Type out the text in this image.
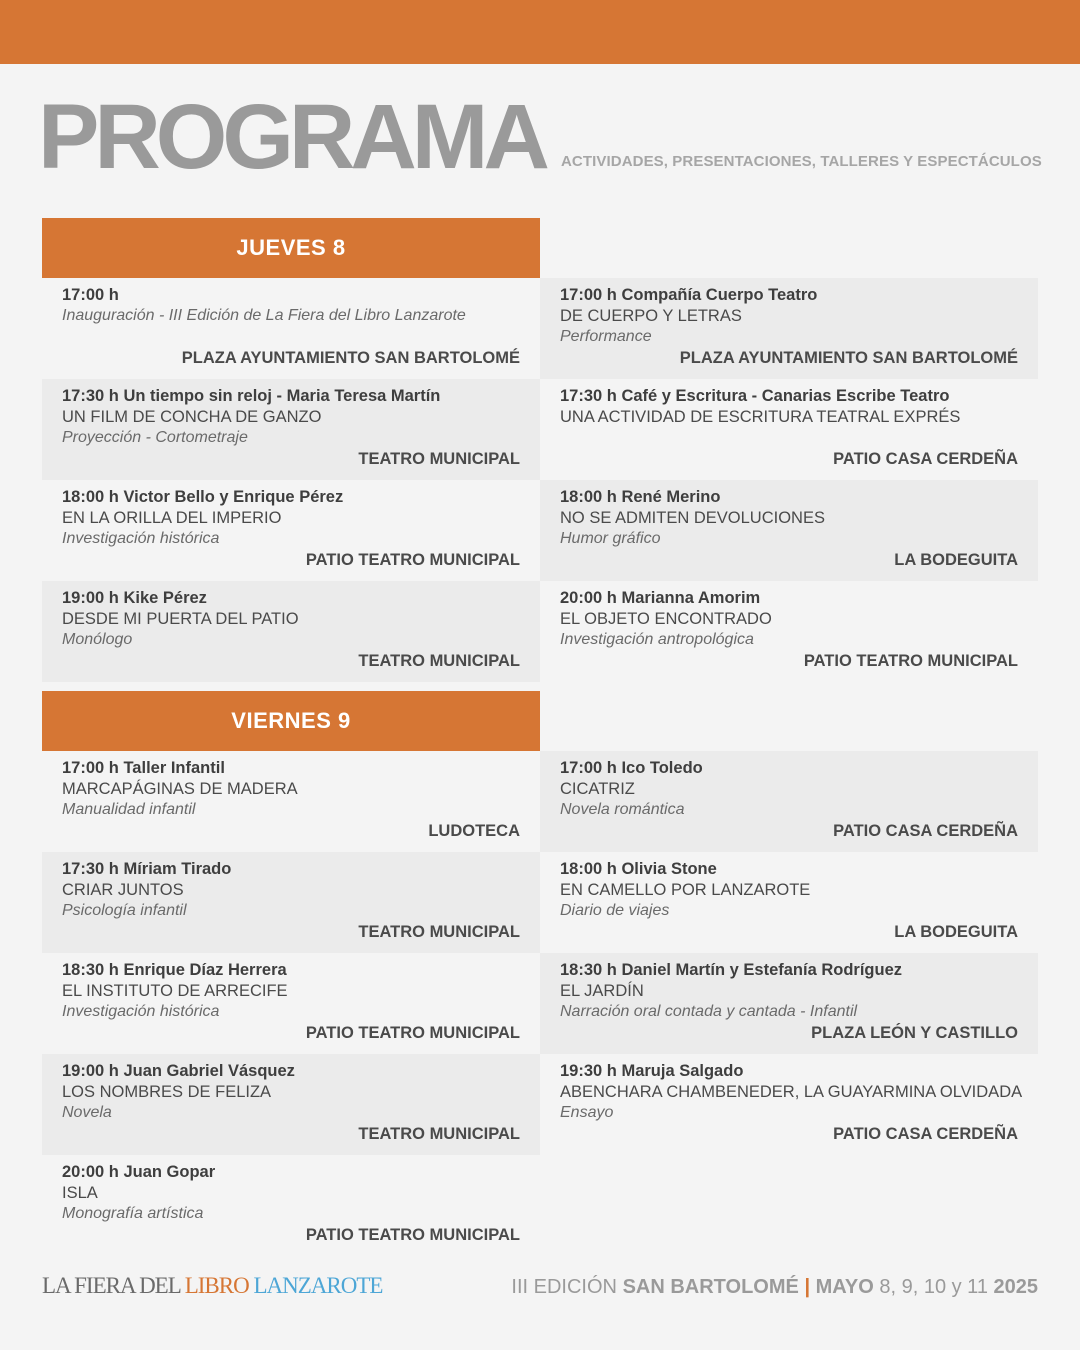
PROGRAMA ACTIVIDADES, PRESENTACIONES, TALLERES Y ESPECTÁCULOS
JUEVES 8
17:00 h
Inauguración - III Edición de La Fiera del Libro Lanzarote
PLAZA AYUNTAMIENTO SAN BARTOLOMÉ
17:00 h Compañía Cuerpo Teatro
DE CUERPO Y LETRAS
Performance
PLAZA AYUNTAMIENTO SAN BARTOLOMÉ
17:30 h Un tiempo sin reloj - Maria Teresa Martín
UN FILM DE CONCHA DE GANZO
Proyección - Cortometraje
TEATRO MUNICIPAL
17:30 h Café y Escritura - Canarias Escribe Teatro
UNA ACTIVIDAD DE ESCRITURA TEATRAL EXPRÉS
PATIO CASA CERDEÑA
18:00 h Victor Bello y Enrique Pérez
EN LA ORILLA DEL IMPERIO
Investigación histórica
PATIO TEATRO MUNICIPAL
18:00 h René Merino
NO SE ADMITEN DEVOLUCIONES
Humor gráfico
LA BODEGUITA
19:00 h Kike Pérez
DESDE MI PUERTA DEL PATIO
Monólogo
TEATRO MUNICIPAL
20:00 h Marianna Amorim
EL OBJETO ENCONTRADO
Investigación antropológica
PATIO TEATRO MUNICIPAL
VIERNES 9
17:00 h Taller Infantil
MARCAPÁGINAS DE MADERA
Manualidad infantil
LUDOTECA
17:00 h Ico Toledo
CICATRIZ
Novela romántica
PATIO CASA CERDEÑA
17:30 h Míriam Tirado
CRIAR JUNTOS
Psicología infantil
TEATRO MUNICIPAL
18:00 h Olivia Stone
EN CAMELLO POR LANZAROTE
Diario de viajes
LA BODEGUITA
18:30 h Enrique Díaz Herrera
EL INSTITUTO DE ARRECIFE
Investigación histórica
PATIO TEATRO MUNICIPAL
18:30 h Daniel Martín y Estefanía Rodríguez
EL JARDÍN
Narración oral contada y cantada - Infantil
PLAZA LEÓN Y CASTILLO
19:00 h Juan Gabriel Vásquez
LOS NOMBRES DE FELIZA
Novela
TEATRO MUNICIPAL
19:30 h Maruja Salgado
ABENCHARA CHAMBENEDER, LA GUAYARMINA OLVIDADA
Ensayo
PATIO CASA CERDEÑA
20:00 h Juan Gopar
ISLA
Monografía artística
PATIO TEATRO MUNICIPAL
LA FIERA DEL LIBRO LANZAROTE	III EDICIÓN SAN BARTOLOMÉ | MAYO 8, 9, 10 y 11 2025
